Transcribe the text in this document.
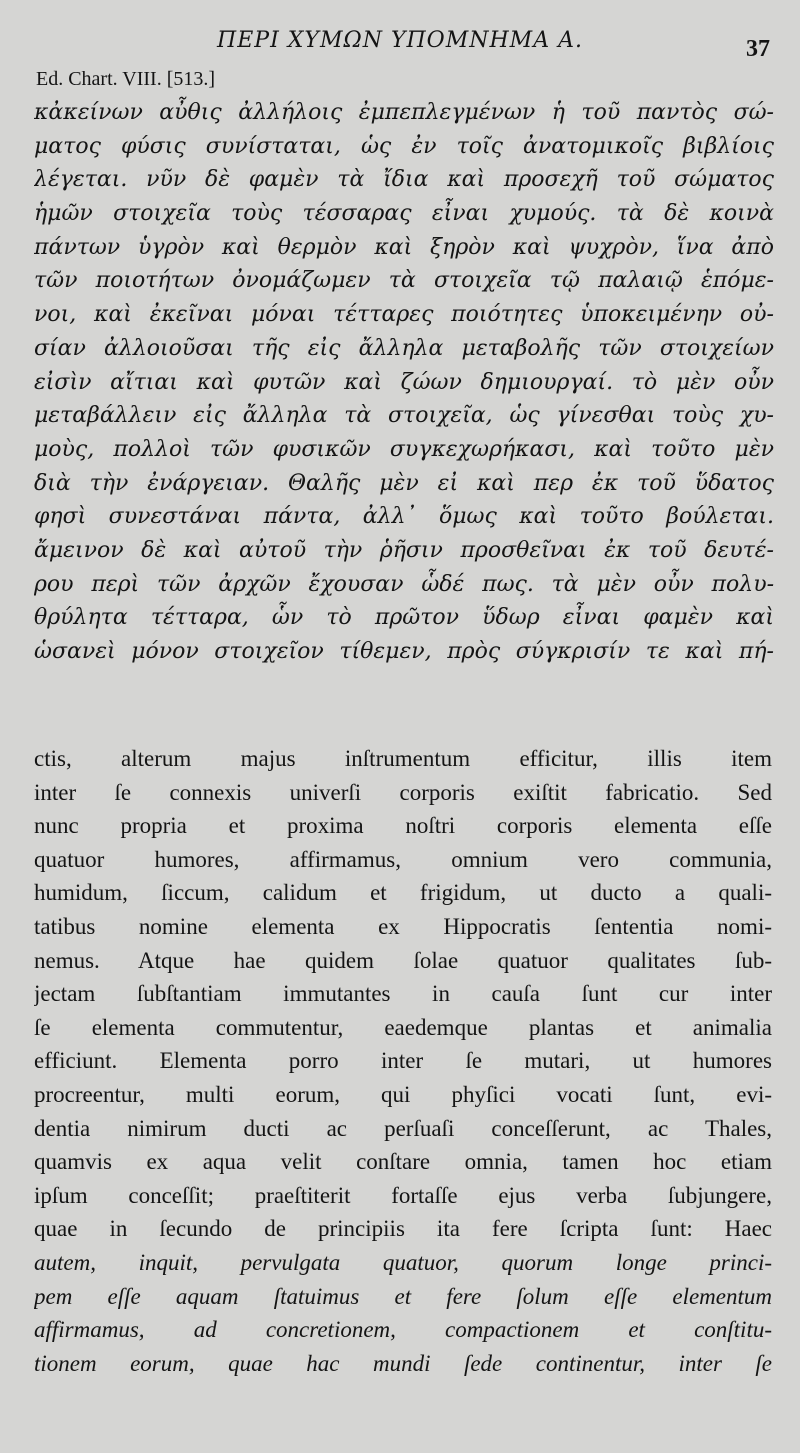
ΠΕΡΙ ΧΥΜΩΝ ΥΠΟΜΝΗΜΑ Α.	37
Ed. Chart. VIII. [513.]
κἀκείνων αὖθις ἀλλήλοις ἐμπεπλεγμένων ἡ τοῦ παντὸς σώ-
ματος φύσις συνίσταται, ὡς ἐν τοῖς ἀνατομικοῖς βιβλίοις
λέγεται. νῦν δὲ φαμὲν τὰ ἴδια καὶ προσεχῆ τοῦ σώματος
ἡμῶν στοιχεῖα τοὺς τέσσαρας εἶναι χυμούς. τὰ δὲ κοινὰ
πάντων ὑγρὸν καὶ θερμὸν καὶ ξηρὸν καὶ ψυχρὸν, ἵνα ἀπὸ
τῶν ποιοτήτων ὀνομάζωμεν τὰ στοιχεῖα τῷ παλαιῷ ἑπόμε-
νοι, καὶ ἐκεῖναι μόναι τέτταρες ποιότητες ὑποκειμένην οὐ-
σίαν ἀλλοιοῦσαι τῆς εἰς ἄλληλα μεταβολῆς τῶν στοιχείων
εἰσὶν αἴτιαι καὶ φυτῶν καὶ ζώων δημιουργαί. τὸ μὲν οὖν
μεταβάλλειν εἰς ἄλληλα τὰ στοιχεῖα, ὡς γίνεσθαι τοὺς χυ-
μοὺς, πολλοὶ τῶν φυσικῶν συγκεχωρήκασι, καὶ τοῦτο μὲν
διὰ τὴν ἐνάργειαν. Θαλῆς μὲν εἰ καὶ περ ἐκ τοῦ ὕδατος
φησὶ συνεστάναι πάντα, ἀλλ᾽ ὅμως καὶ τοῦτο βούλεται.
ἄμεινον δὲ καὶ αὐτοῦ τὴν ῥῆσιν προσθεῖναι ἐκ τοῦ δευτέ-
ρου περὶ τῶν ἀρχῶν ἔχουσαν ὧδέ πως. τὰ μὲν οὖν πολυ-
θρύλητα τέτταρα, ὧν τὸ πρῶτον ὕδωρ εἶναι φαμὲν καὶ
ὡσανεὶ μόνον στοιχεῖον τίθεμεν, πρὸς σύγκρισίν τε καὶ πή-
ctis, alterum majus inſtrumentum efficitur, illis item
inter ſe connexis univerſi corporis exiſtit fabricatio. Sed
nunc propria et proxima noſtri corporis elementa eſſe
quatuor humores, affirmamus, omnium vero communia,
humidum, ſiccum, calidum et frigidum, ut ducto a quali-
tatibus nomine elementa ex Hippocratis ſententia nomi-
nemus. Atque hae quidem ſolae quatuor qualitates ſub-
jectam ſubſtantiam immutantes in cauſa ſunt cur inter
ſe elementa commutentur, eaedemque plantas et animalia
efficiunt. Elementa porro inter ſe mutari, ut humores
procreentur, multi eorum, qui phyſici vocati ſunt, evi-
dentia nimirum ducti ac perſuaſi conceſſerunt, ac Thales,
quamvis ex aqua velit conſtare omnia, tamen hoc etiam
ipſum conceſſit; praeſtiterit fortaſſe ejus verba ſubjungere,
quae in ſecundo de principiis ita fere ſcripta ſunt: Haec
autem, inquit, pervulgata quatuor, quorum longe princi-
pem eſſe aquam ſtatuimus et fere ſolum eſſe elementum
affirmamus, ad concretionem, compactionem et conſtitu-
tionem eorum, quae hac mundi ſede continentur, inter ſe
